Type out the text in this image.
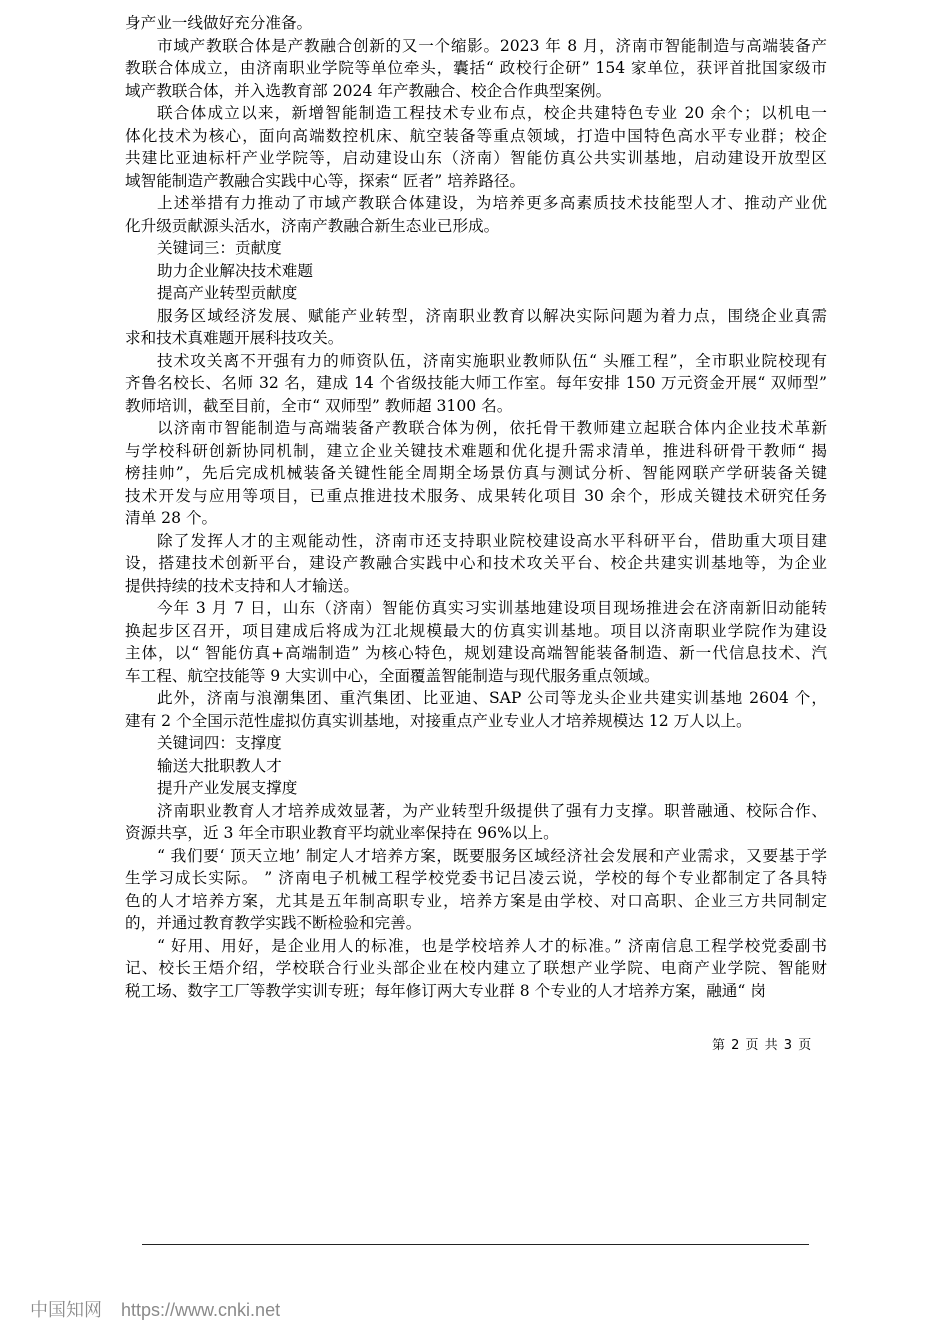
身产业一线做好充分准备。
市域产教联合体是产教融合创新的又一个缩影。2023 年 8 月，济南市智能制造与高端装备产
教联合体成立，由济南职业学院等单位牵头，囊括“ 政校行企研” 154 家单位，获评首批国家级市
域产教联合体，并入选教育部 2024 年产教融合、校企合作典型案例。
联合体成立以来，新增智能制造工程技术专业布点，校企共建特色专业 20 余个；以机电一
体化技术为核心，面向高端数控机床、航空装备等重点领域，打造中国特色高水平专业群；校企
共建比亚迪标杆产业学院等，启动建设山东（济南）智能仿真公共实训基地，启动建设开放型区
域智能制造产教融合实践中心等，探索“ 匠者” 培养路径。
上述举措有力推动了市域产教联合体建设，为培养更多高素质技术技能型人才、推动产业优
化升级贡献源头活水，济南产教融合新生态业已形成。
关键词三：贡献度
助力企业解决技术难题
提高产业转型贡献度
服务区域经济发展、赋能产业转型，济南职业教育以解决实际问题为着力点，围绕企业真需
求和技术真难题开展科技攻关。
技术攻关离不开强有力的师资队伍，济南实施职业教师队伍“ 头雁工程”，全市职业院校现有
齐鲁名校长、名师 32 名，建成 14 个省级技能大师工作室。每年安排 150 万元资金开展“ 双师型”
教师培训，截至目前，全市“ 双师型” 教师超 3100 名。
以济南市智能制造与高端装备产教联合体为例，依托骨干教师建立起联合体内企业技术革新
与学校科研创新协同机制，建立企业关键技术难题和优化提升需求清单，推进科研骨干教师“ 揭
榜挂帅”，先后完成机械装备关键性能全周期全场景仿真与测试分析、智能网联产学研装备关键
技术开发与应用等项目，已重点推进技术服务、成果转化项目 30 余个，形成关键技术研究任务
清单 28 个。
除了发挥人才的主观能动性，济南市还支持职业院校建设高水平科研平台，借助重大项目建
设，搭建技术创新平台，建设产教融合实践中心和技术攻关平台、校企共建实训基地等，为企业
提供持续的技术支持和人才输送。
今年 3 月 7 日，山东（济南）智能仿真实习实训基地建设项目现场推进会在济南新旧动能转
换起步区召开，项目建成后将成为江北规模最大的仿真实训基地。项目以济南职业学院作为建设
主体，以“ 智能仿真+高端制造” 为核心特色，规划建设高端智能装备制造、新一代信息技术、汽
车工程、航空技能等 9 大实训中心，全面覆盖智能制造与现代服务重点领域。
此外，济南与浪潮集团、重汽集团、比亚迪、SAP 公司等龙头企业共建实训基地 2604 个，
建有 2 个全国示范性虚拟仿真实训基地，对接重点产业专业人才培养规模达 12 万人以上。
关键词四：支撑度
输送大批职教人才
提升产业发展支撑度
济南职业教育人才培养成效显著，为产业转型升级提供了强有力支撑。职普融通、校际合作、
资源共享，近 3 年全市职业教育平均就业率保持在 96%以上。
“ 我们要‘ 顶天立地’ 制定人才培养方案，既要服务区域经济社会发展和产业需求，又要基于学
生学习成长实际。 ” 济南电子机械工程学校党委书记吕凌云说，学校的每个专业都制定了各具特
色的人才培养方案，尤其是五年制高职专业，培养方案是由学校、对口高职、企业三方共同制定
的，并通过教育教学实践不断检验和完善。
“ 好用、用好，是企业用人的标准，也是学校培养人才的标准。” 济南信息工程学校党委副书
记、校长王焐介绍，学校联合行业头部企业在校内建立了联想产业学院、电商产业学院、智能财
税工场、数字工厂等教学实训专班；每年修订两大专业群 8 个专业的人才培养方案，融通“ 岗
第 2 页 共 3 页
中国知网 https://www.cnki.net
